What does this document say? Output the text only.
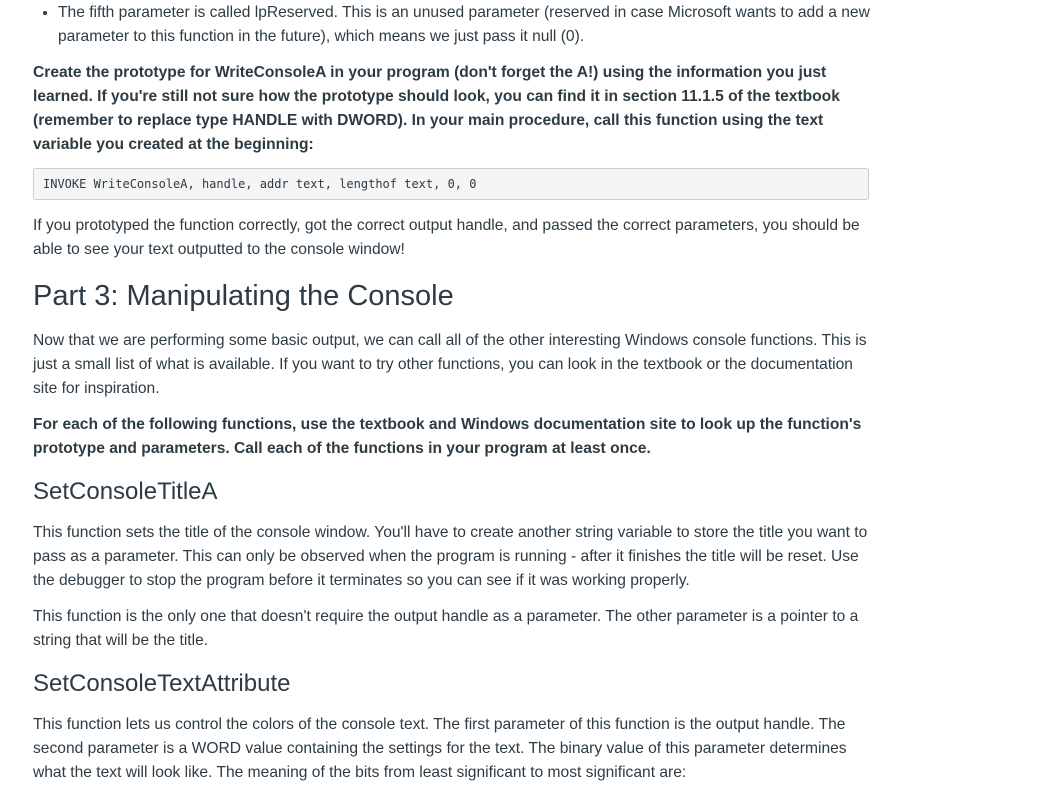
• The fifth parameter is called lpReserved. This is an unused parameter (reserved in case Microsoft wants to add a new parameter to this function in the future), which means we just pass it null (0).

Create the prototype for WriteConsoleA in your program (don't forget the A!) using the information you just learned. If you're still not sure how the prototype should look, you can find it in section 11.1.5 of the textbook (remember to replace type HANDLE with DWORD). In your main procedure, call this function using the text variable you created at the beginning:

INVOKE WriteConsoleA, handle, addr text, lengthof text, 0, 0

If you prototyped the function correctly, got the correct output handle, and passed the correct parameters, you should be able to see your text outputted to the console window!

Part 3: Manipulating the Console

Now that we are performing some basic output, we can call all of the other interesting Windows console functions. This is just a small list of what is available. If you want to try other functions, you can look in the textbook or the documentation site for inspiration.

For each of the following functions, use the textbook and Windows documentation site to look up the function's prototype and parameters. Call each of the functions in your program at least once.

SetConsoleTitleA

This function sets the title of the console window. You'll have to create another string variable to store the title you want to pass as a parameter. This can only be observed when the program is running - after it finishes the title will be reset. Use the debugger to stop the program before it terminates so you can see if it was working properly.

This function is the only one that doesn't require the output handle as a parameter. The other parameter is a pointer to a string that will be the title.

SetConsoleTextAttribute

This function lets us control the colors of the console text. The first parameter of this function is the output handle. The second parameter is a WORD value containing the settings for the text. The binary value of this parameter determines what the text will look like. The meaning of the bits from least significant to most significant are:
